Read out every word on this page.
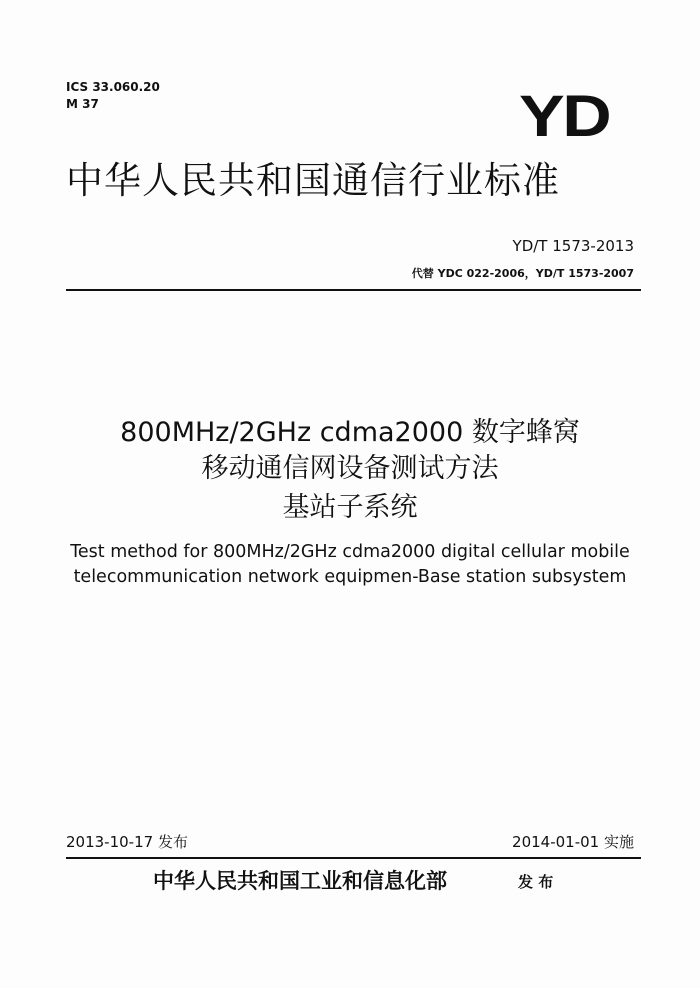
ICS 33.060.20
M 37	YD
中华人民共和国通信行业标准
YD/T 1573-2013
代替 YDC 022-2006，YD/T 1573-2007
800MHz/2GHz cdma2000 数字蜂窝
移动通信网设备测试方法
基站子系统
Test method for 800MHz/2GHz cdma2000 digital cellular mobile
telecommunication network equipmen-Base station subsystem
2013-10-17 发布	2014-01-01 实施
中华人民共和国工业和信息化部	发 布
